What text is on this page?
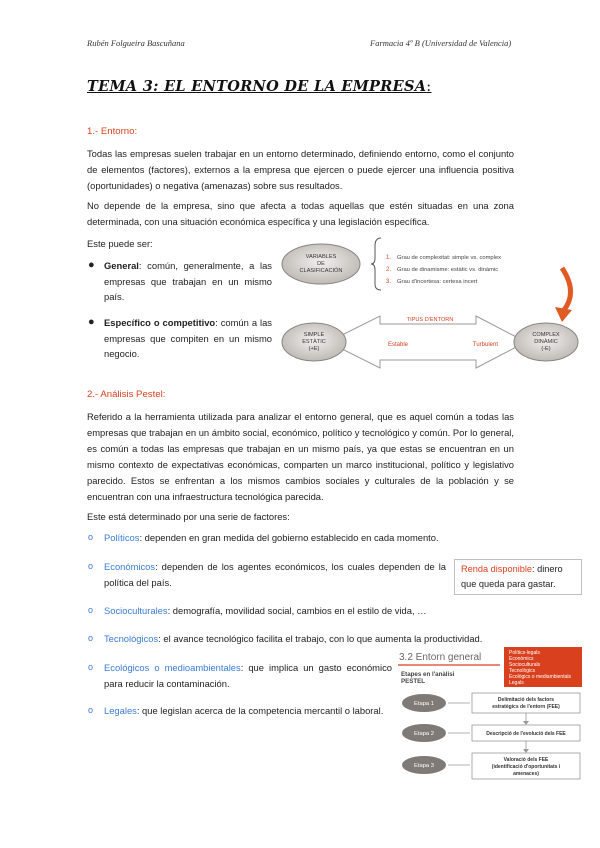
Rubén Folgueira Bascuñana	Farmacia 4º B (Universidad de Valencia)
TEMA 3: EL ENTORNO DE LA EMPRESA:
1.- Entorno:
Todas las empresas suelen trabajar en un entorno determinado, definiendo entorno, como el conjunto de elementos (factores), externos a la empresa que ejercen o puede ejercer una influencia positiva (oportunidades) o negativa (amenazas) sobre sus resultados.
No depende de la empresa, sino que afecta a todas aquellas que estén situadas en una zona determinada, con una situación económica específica y una legislación específica.
Este puede ser:
● General: común, generalmente, a las empresas que trabajan en un mismo país.
● Específico o competitivo: común a las empresas que compiten en un mismo negocio.
VARIABLES
DE
CLASIFICACIÓN
1. Grau de complexitat: simple vs. complex
2. Grau de dinamisme: estàtic vs. dinàmic
3. Grau d'incertesa: certesa incert
TIPUS D'ENTORN
Estable	Turbulent
SIMPLE
ESTÀTIC
(+E)
COMPLEX
DINÀMIC
(-E)
2.- Análisis Pestel:
Referido a la herramienta utilizada para analizar el entorno general, que es aquel común a todas las empresas que trabajan en un ámbito social, económico, político y tecnológico y común. Por lo general, es común a todas las empresas que trabajan en un mismo país, ya que estas se encuentran en un mismo contexto de expectativas económicas, comparten un marco institucional, político y legislativo parecido. Estos se enfrentan a los mismos cambios sociales y culturales de la población y se encuentran con una infraestructura tecnológica parecida.
Este está determinado por una serie de factores:
o Políticos: dependen en gran medida del gobierno establecido en cada momento.
o Económicos: dependen de los agentes económicos, los cuales dependen de la política del país.
o Socioculturales: demografía, movilidad social, cambios en el estilo de vida, …
o Tecnológicos: el avance tecnológico facilita el trabajo, con lo que aumenta la productividad.
o Ecológicos o medioambientales: que implica un gasto económico para reducir la contaminación.
o Legales: que legislan acerca de la competencia mercantil o laboral.
Renda disponible: dinero que queda para gastar.
3.2 Entorn general
Etapes en l'anàlisi
PESTEL
Polítics-legals
Econòmics
Socioculturals
Tecnològics
Ecològics o mediambientals
Legals
Etapa 1
Etapa 2
Etapa 3
Delimitació dels factors
estratègics de l'entorn (FEE)
Descripció de l'evolució dels FEE
Valoració dels FEE
(identificació d'oportunitats i
amenaces)
